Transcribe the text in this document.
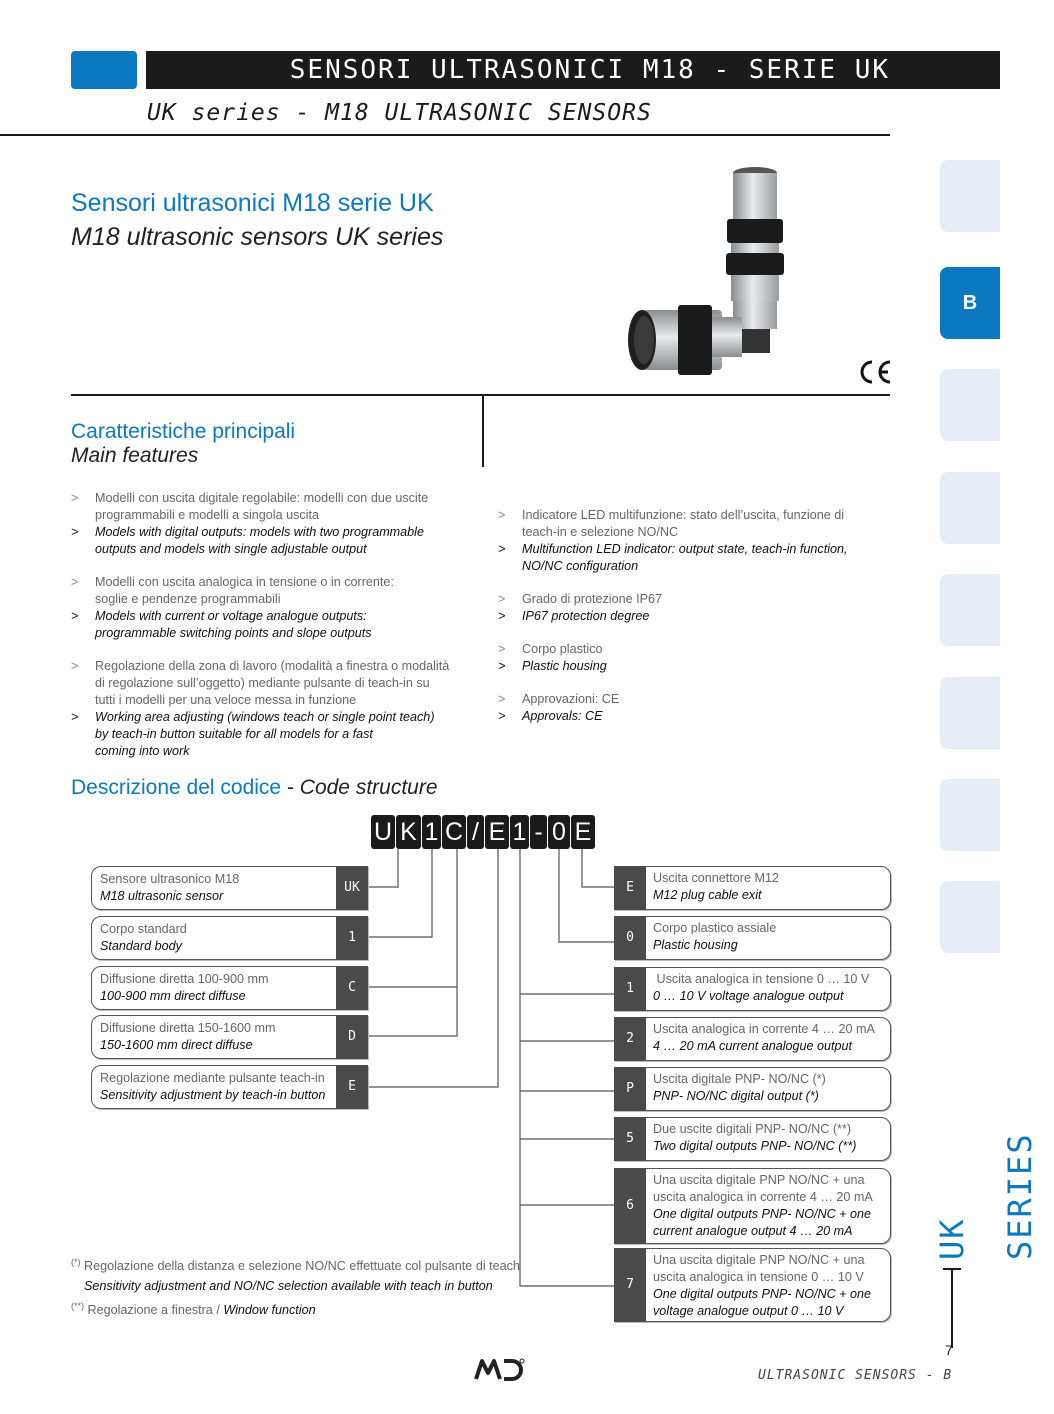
SENSORI ULTRASONICI M18 - SERIE UK
UK series - M18 ULTRASONIC SENSORS
B
UK SERIES
7
ULTRASONIC SENSORS - B
Sensori ultrasonici M18 serie UK
M18 ultrasonic sensors UK series
Caratteristiche principali
Main features
> Modelli con uscita digitale regolabile: modelli con due uscite
programmabili e modelli a singola uscita
> Models with digital outputs: models with two programmable
outputs and models with single adjustable output
> Modelli con uscita analogica in tensione o in corrente:
soglie e pendenze programmabili
> Models with current or voltage analogue outputs:
programmable switching points and slope outputs
> Regolazione della zona di lavoro (modalità a finestra o modalità
di regolazione sull’oggetto) mediante pulsante di teach-in su
tutti i modelli per una veloce messa in funzione
> Working area adjusting (windows teach or single point teach)
by teach-in button suitable for all models for a fast
coming into work
> Indicatore LED multifunzione: stato dell’uscita, funzione di
teach-in e selezione NO/NC
> Multifunction LED indicator: output state, teach-in function,
NO/NC configuration
> Grado di protezione IP67
> IP67 protection degree
> Corpo plastico
> Plastic housing
> Approvazioni: CE
> Approvals: CE
Descrizione del codice - Code structure
U K 1 C / E 1 - 0 E
Sensore ultrasonico M18
M18 ultrasonic sensor
UK
Corpo standard
Standard body
1
Diffusione diretta 100-900 mm
100-900 mm direct diffuse
C
Diffusione diretta 150-1600 mm
150-1600 mm direct diffuse
D
Regolazione mediante pulsante teach-in
Sensitivity adjustment by teach-in button
E
E
Uscita connettore M12
M12 plug cable exit
0
Corpo plastico assiale
Plastic housing
1
Uscita analogica in tensione 0 … 10 V
0 … 10 V voltage analogue output
2
Uscita analogica in corrente 4 … 20 mA
4 … 20 mA current analogue output
P
Uscita digitale PNP- NO/NC (*)
PNP- NO/NC digital output (*)
5
Due uscite digitali PNP- NO/NC (**)
Two digital outputs PNP- NO/NC (**)
6
Una uscita digitale PNP NO/NC + una
uscita analogica in corrente 4 … 20 mA
One digital outputs PNP- NO/NC + one
current analogue output 4 … 20 mA
7
Una uscita digitale PNP NO/NC + una
uscita analogica in tensione 0 … 10 V
One digital outputs PNP- NO/NC + one
voltage analogue output 0 … 10 V
(*) Regolazione della distanza e selezione NO/NC effettuate col pulsante di teach
Sensitivity adjustment and NO/NC selection available with teach in button
(**) Regolazione a finestra / Window function
